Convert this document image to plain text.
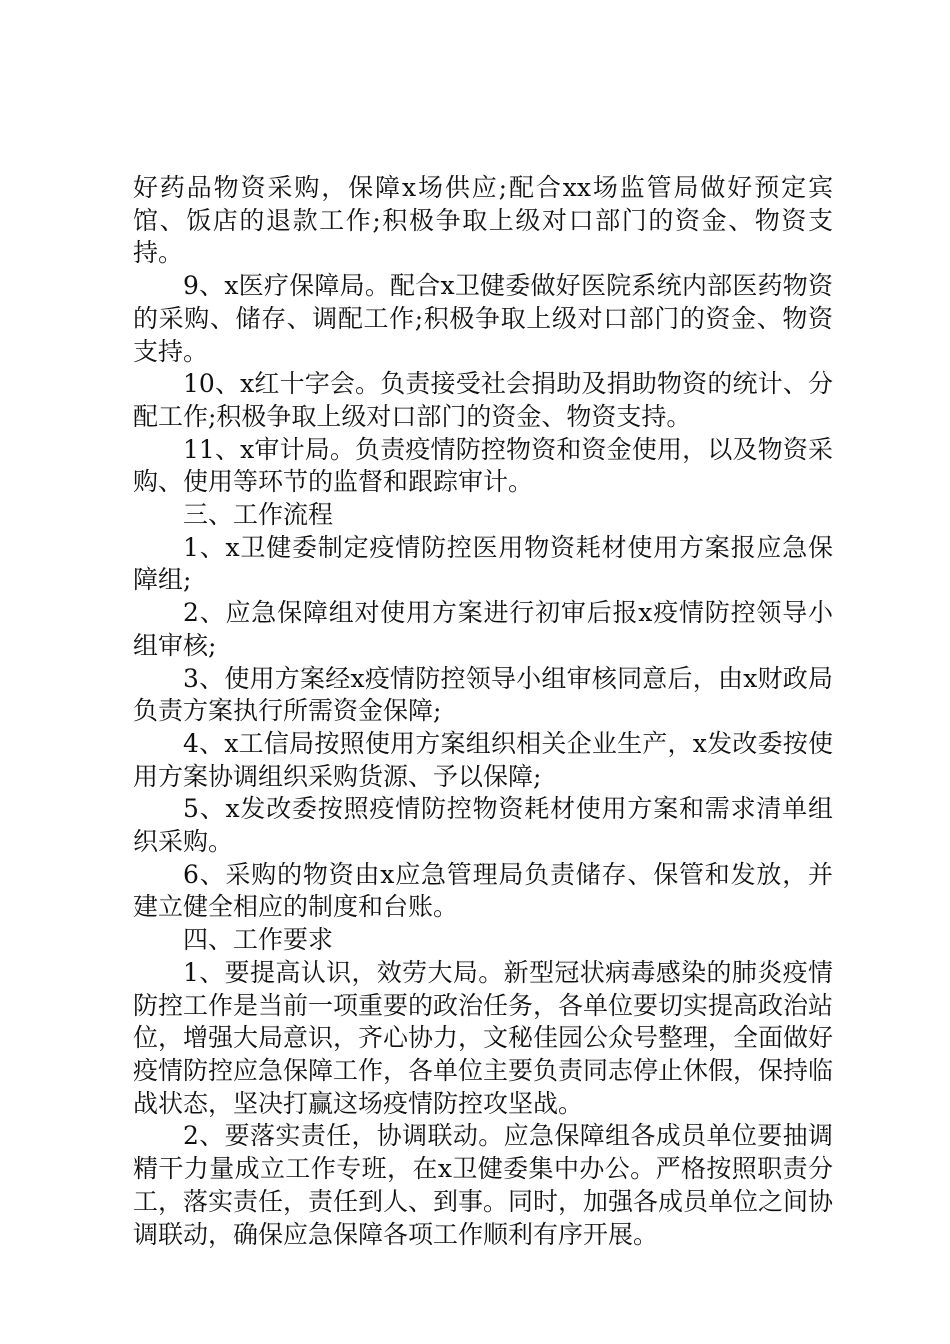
好药品物资采购，保障x场供应;配合xx场监管局做好预定宾馆、饭店的退款工作;积极争取上级对口部门的资金、物资支持。

9、x医疗保障局。配合x卫健委做好医院系统内部医药物资的采购、储存、调配工作;积极争取上级对口部门的资金、物资支持。

10、x红十字会。负责接受社会捐助及捐助物资的统计、分配工作;积极争取上级对口部门的资金、物资支持。

11、x审计局。负责疫情防控物资和资金使用，以及物资采购、使用等环节的监督和跟踪审计。

三、工作流程

1、x卫健委制定疫情防控医用物资耗材使用方案报应急保障组;

2、应急保障组对使用方案进行初审后报x疫情防控领导小组审核;

3、使用方案经x疫情防控领导小组审核同意后，由x财政局负责方案执行所需资金保障;

4、x工信局按照使用方案组织相关企业生产，x发改委按使用方案协调组织采购货源、予以保障;

5、x发改委按照疫情防控物资耗材使用方案和需求清单组织采购。

6、采购的物资由x应急管理局负责储存、保管和发放，并建立健全相应的制度和台账。

四、工作要求

1、要提高认识，效劳大局。新型冠状病毒感染的肺炎疫情防控工作是当前一项重要的政治任务，各单位要切实提高政治站位，增强大局意识，齐心协力，文秘佳园公众号整理，全面做好疫情防控应急保障工作，各单位主要负责同志停止休假，保持临战状态，坚决打赢这场疫情防控攻坚战。

2、要落实责任，协调联动。应急保障组各成员单位要抽调精干力量成立工作专班，在x卫健委集中办公。严格按照职责分工，落实责任，责任到人、到事。同时，加强各成员单位之间协调联动，确保应急保障各项工作顺利有序开展。
